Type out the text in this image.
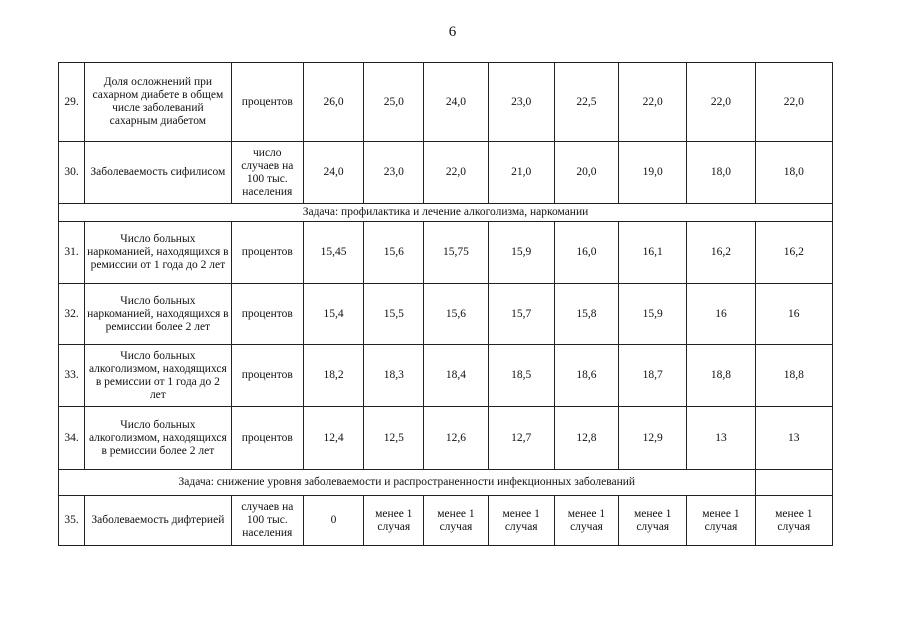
6
29.	Доля осложнений при сахарном диабете в общем числе заболеваний сахарным диабетом	процентов	26,0	25,0	24,0	23,0	22,5	22,0	22,0	22,0
30.	Заболеваемость сифилисом	число случаев на 100 тыс. населения	24,0	23,0	22,0	21,0	20,0	19,0	18,0	18,0
Задача: профилактика и лечение алкоголизма, наркомании										
31.	Число больных наркоманией, находящихся в ремиссии от 1 года до 2 лет	процентов	15,45	15,6	15,75	15,9	16,0	16,1	16,2	16,2
32.	Число больных наркоманией, находящихся в ремиссии более 2 лет	процентов	15,4	15,5	15,6	15,7	15,8	15,9	16	16
33.	Число больных алкоголизмом, находящихся в ремиссии от 1 года до 2 лет	процентов	18,2	18,3	18,4	18,5	18,6	18,7	18,8	18,8
34.	Число больных алкоголизмом, находящихся в ремиссии более 2 лет	процентов	12,4	12,5	12,6	12,7	12,8	12,9	13	13
Задача: снижение уровня заболеваемости и распространенности инфекционных заболеваний										
35.	Заболеваемость дифтерией	случаев на 100 тыс. населения	0	менее 1 случая	менее 1 случая	менее 1 случая	менее 1 случая	менее 1 случая	менее 1 случая	менее 1 случая
